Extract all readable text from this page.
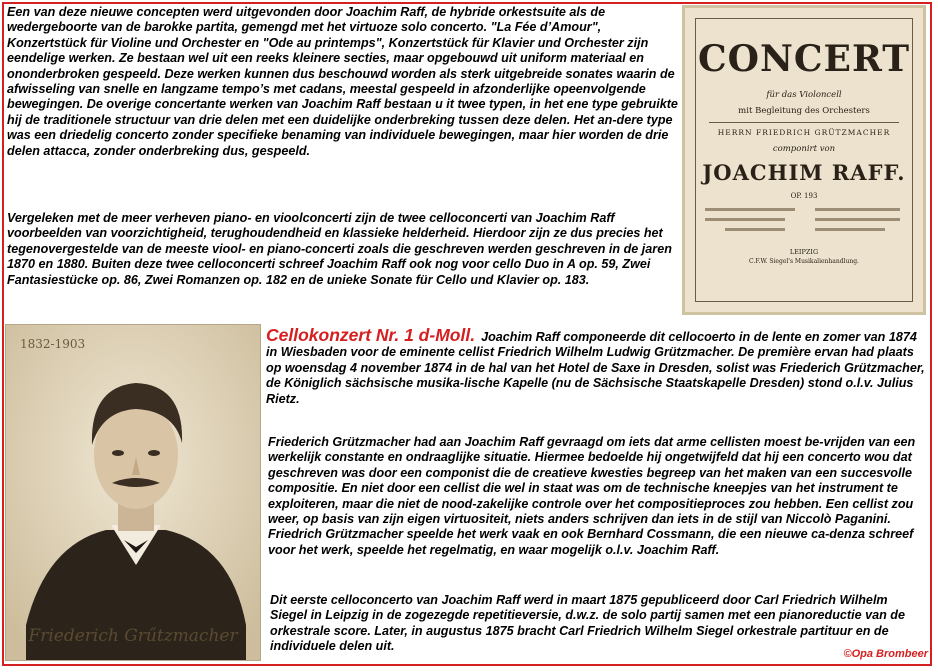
Een van deze nieuwe concepten werd uitgevonden door Joachim Raff, de hybride orkestsuite als de wedergeboorte van de barokke partita, gemengd met het virtuoze solo concerto. "La Fée d’Amour", Konzertstück für Violine und Orchester en "Ode au printemps", Konzertstück für Klavier und Orchester zijn eendelige werken. Ze bestaan wel uit een reeks kleinere secties, maar opgebouwd uit uniform materiaal en ononderbroken gespeeld. Deze werken kunnen dus beschouwd worden als sterk uitgebreide sonates waarin de afwisseling van snelle en langzame tempo’s met cadans, meestal gespeeld in afzonderlijke opeenvolgende bewegingen. De overige concertante werken van Joachim Raff bestaan u it twee typen, in het ene type gebruikte hij de traditionele structuur van drie delen met een duidelijke onderbreking tussen deze delen. Het an-dere type was een driedelig concerto zonder specifieke benaming van individuele bewegingen, maar hier worden de drie delen attacca, zonder onderbreking dus, gespeeld.

Vergeleken met de meer verheven piano- en vioolconcerti zijn de twee celloconcerti van Joachim Raff voorbeelden van voorzichtigheid, terughoudendheid en klassieke helderheid. Hierdoor zijn ze dus precies het tegenovergestelde van de meeste viool- en piano-concerti zoals die geschreven werden geschreven in de jaren 1870 en 1880. Buiten deze twee celloconcerti schreef Joachim Raff ook nog voor cello Duo in A op. 59, Zwei Fantasiestücke op. 86, Zwei Romanzen op. 182 en de unieke Sonate für Cello und Klavier op. 183.

Cellokonzert Nr. 1 d-Moll. Joachim Raff componeerde dit cellocoerto in de lente en zomer van 1874 in Wiesbaden voor de eminente cellist Friedrich Wilhelm Ludwig Grützmacher. De première ervan had plaats op woensdag 4 november 1874 in de hal van het Hotel de Saxe in Dresden, solist was Friederich Grützmacher, de Königlich sächsische musika-lische Kapelle (nu de Sächsische Staatskapelle Dresden) stond o.l.v. Julius Rietz.

Friederich Grützmacher had aan Joachim Raff gevraagd om iets dat arme cellisten moest be-vrijden van een werkelijk constante en ondraaglijke situatie. Hiermee bedoelde hij ongetwijfeld dat hij een concerto wou dat geschreven was door een componist die de creatieve kwesties begreep van het maken van een succesvolle compositie. En niet door een cellist die wel in staat was om de technische kneepjes van het instrument te exploiteren, maar die niet de nood-zakelijke controle over het compositieproces zou hebben. Een cellist zou weer, op basis van zijn eigen virtuositeit, niets anders schrijven dan iets in de stijl van Niccolò Paganini. Friedrich Grützmacher speelde het werk vaak en ook Bernhard Cossmann, die een nieuwe ca-denza schreef voor het werk, speelde het regelmatig, en waar mogelijk o.l.v. Joachim Raff.

Dit eerste celloconcerto van Joachim Raff werd in maart 1875 gepubliceerd door Carl Friedrich Wilhelm Siegel in Leipzig in de zogezegde repetitieversie, d.w.z. de solo partij samen met een pianoreductie van de orkestrale score. Later, in augustus 1875 bracht Carl Friedrich Wilhelm Siegel orkestrale partituur en de individuele delen uit.

©Opa Brombeer
CONCERT
für das Violoncell
mit Begleitung des Orchesters
HERRN FRIEDRICH GRÜTZMACHER
componirt von
JOACHIM RAFF.
OP. 193
LEIPZIG
C.F.W. Siegel's Musikalienhandlung.
1832-1903
Friederich Grűtzmacher
